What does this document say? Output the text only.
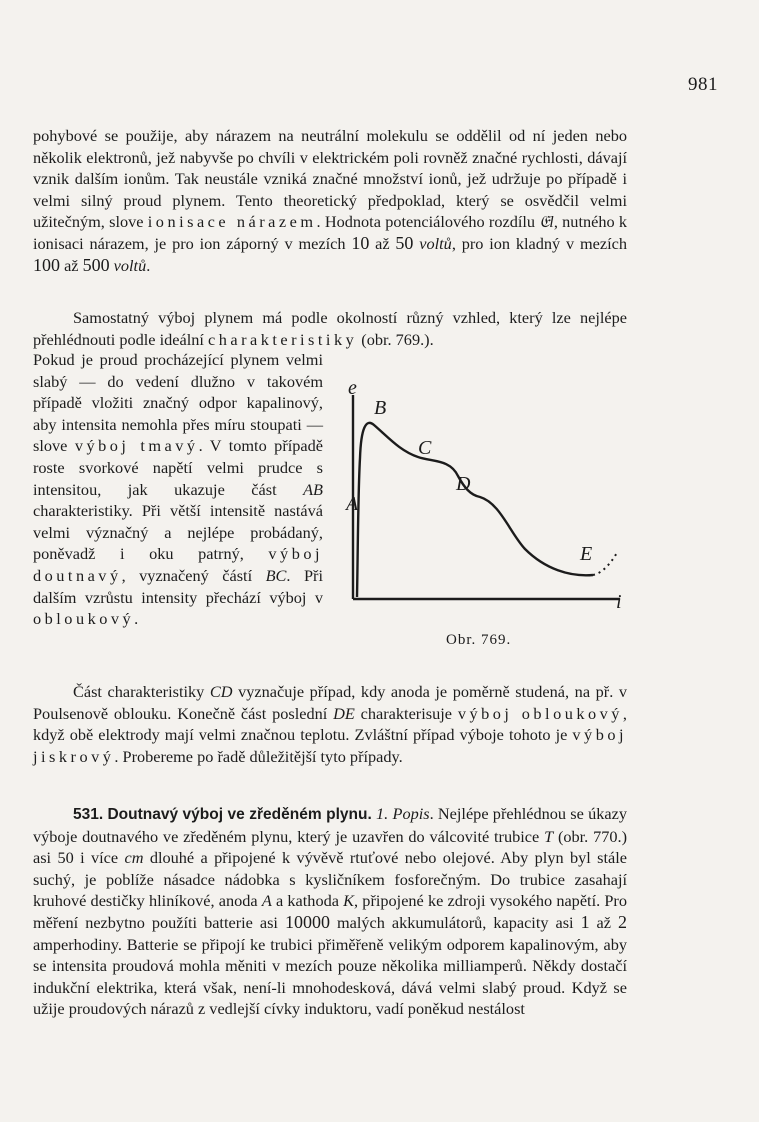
981

pohybové se použije, aby nárazem na neutrální molekulu se oddělil od ní jeden nebo několik elektronů, jež nabyvše po chvíli v elektrickém poli rovněž značné rychlosti, dávají vznik dalším ionům. Tak neustále vzniká značné množství ionů, jež udržuje po případě i velmi silný proud plynem. Tento theoretický předpoklad, který se osvědčil velmi užitečným, slove ionisace nárazem. Hodnota potenciálového rozdílu 𝔈l, nutného k ionisaci nárazem, je pro ion záporný v mezích 10 až 50 voltů, pro ion kladný v mezích 100 až 500 voltů.

Samostatný výboj plynem má podle okolností různý vzhled, který lze nejlépe přehlédnouti podle ideální charakteristiky (obr. 769.).

Pokud je proud procházející plynem velmi slabý — do vedení dlužno v takovém případě vložiti značný odpor kapalinový, aby intensita nemohla přes míru stoupati — slove výboj tmavý. V tomto případě roste svorkové napětí velmi prudce s intensitou, jak ukazuje část AB charakteristiky. Při větší intensitě nastává velmi význačný a nejlépe probádaný, poněvadž i oku patrný, výboj doutnavý, vyznačený částí BC. Při dalším vzrůstu intensity přechází výboj v obloukový.

e
i
A
B
C
D
E
Obr. 769.

Část charakteristiky CD vyznačuje případ, kdy anoda je poměrně studená, na př. v Poulsenově oblouku. Konečně část poslední DE charakterisuje výboj obloukový, když obě elektrody mají velmi značnou teplotu. Zvláštní případ výboje tohoto je výboj jiskrový. Probereme po řadě důležitější tyto případy.

531. Doutnavý výboj ve zředěném plynu. 1. Popis. Nejlépe přehlédnou se úkazy výboje doutnavého ve zředěném plynu, který je uzavřen do válcovité trubice T (obr. 770.) asi 50 i více cm dlouhé a připojené k vývěvě rtuťové nebo olejové. Aby plyn byl stále suchý, je poblíže násadce nádobka s kysličníkem fosforečným. Do trubice zasahají kruhové destičky hliníkové, anoda A a kathoda K, připojené ke zdroji vysokého napětí. Pro měření nezbytno použíti batterie asi 10000 malých akkumulátorů, kapacity asi 1 až 2 amperhodiny. Batterie se připojí ke trubici přiměřeně velikým odporem kapalinovým, aby se intensita proudová mohla měniti v mezích pouze několika milliamperů. Někdy dostačí indukční elektrika, která však, není-li mnohodesková, dává velmi slabý proud. Když se užije proudových nárazů z vedlejší cívky induktoru, vadí poněkud nestálost
